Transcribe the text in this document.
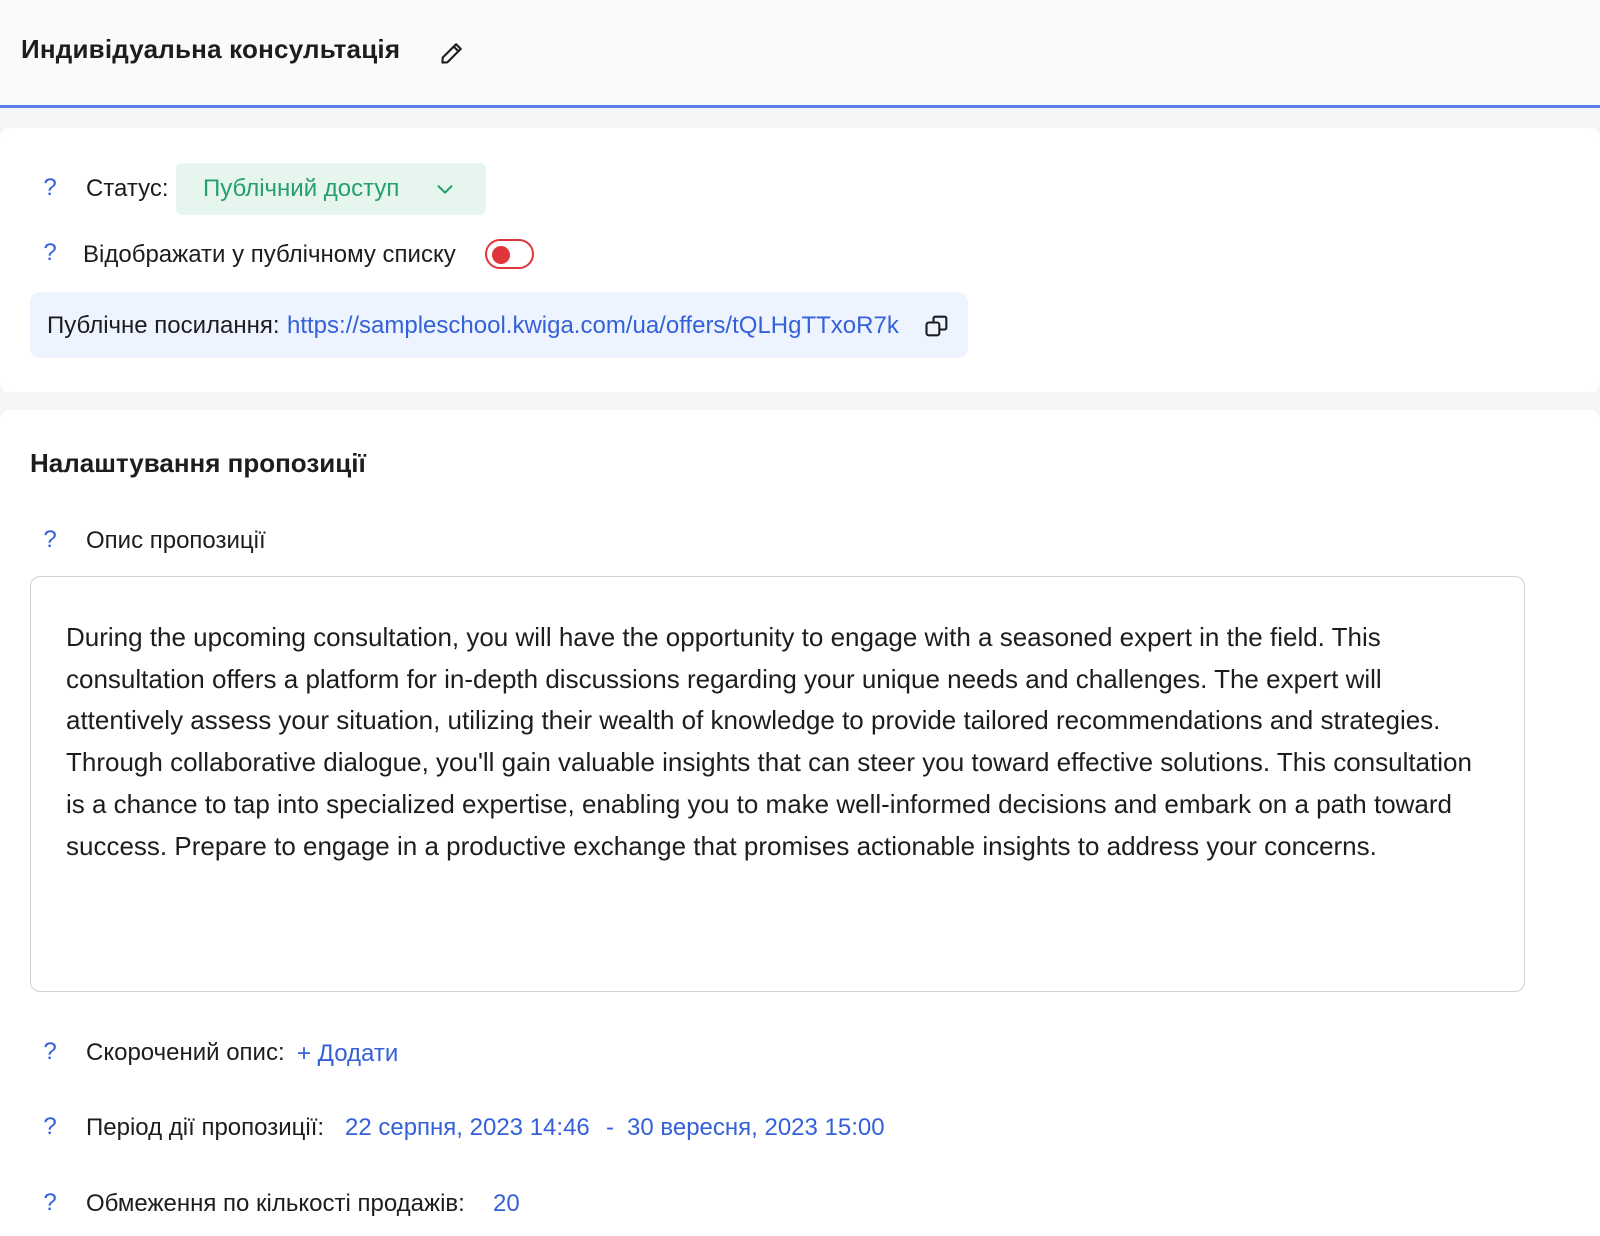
Индивідуальна консультація
? Статус: Публічний доступ
? Відображати у публічному списку
Публічне посилання: https://sampleschool.kwiga.com/ua/offers/tQLHgTTxoR7k
Налаштування пропозиції
? Опис пропозиції
During the upcoming consultation, you will have the opportunity to engage with a seasoned expert in the field. This consultation offers a platform for in-depth discussions regarding your unique needs and challenges. The expert will attentively assess your situation, utilizing their wealth of knowledge to provide tailored recommendations and strategies. Through collaborative dialogue, you'll gain valuable insights that can steer you toward effective solutions. This consultation is a chance to tap into specialized expertise, enabling you to make well-informed decisions and embark on a path toward success. Prepare to engage in a productive exchange that promises actionable insights to address your concerns.
? Скорочений опис: + Додати
? Період дії пропозиції: 22 серпня, 2023 14:46 - 30 вересня, 2023 15:00
? Обмеження по кількості продажів: 20
